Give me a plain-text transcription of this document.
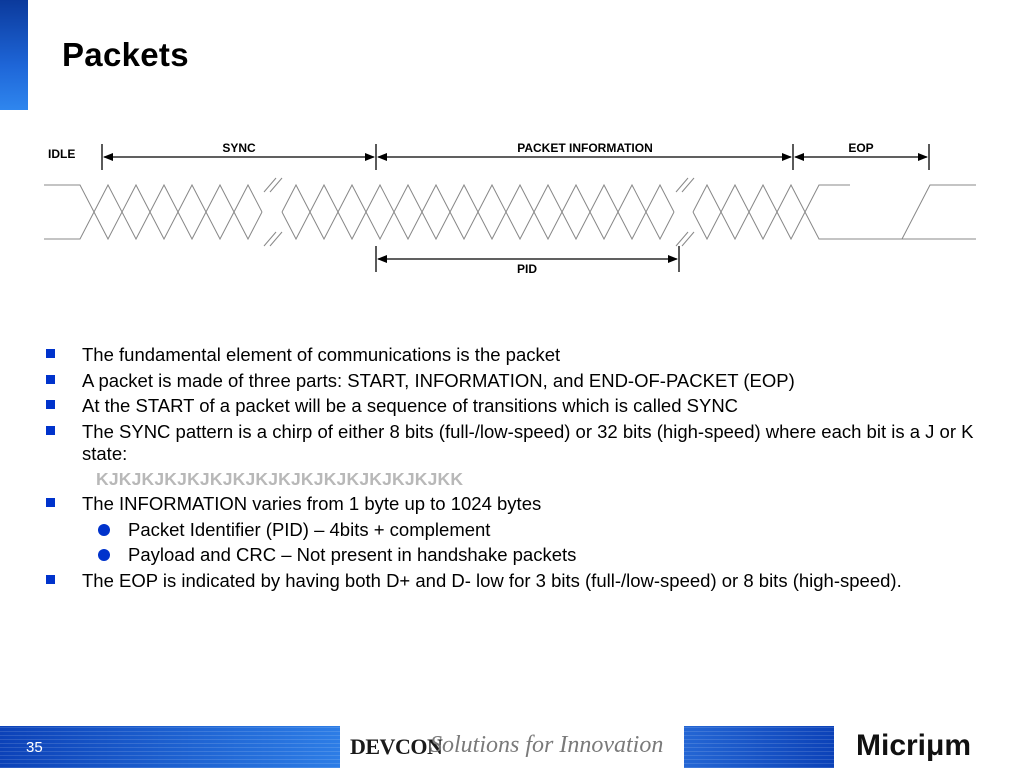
Packets
IDLE	SYNC	PACKET INFORMATION	EOP
PID
The fundamental element of communications is the packet
A packet is made of three parts: START, INFORMATION, and END-OF-PACKET (EOP)
At the START of a packet will be a sequence of transitions which is called SYNC
The SYNC pattern is a chirp of either 8 bits (full-/low-speed) or 32 bits (high-speed) where each bit is a J or K state:
KJKJKJKJKJKJKJKJKJKJKJKJKJKJKJKK
The INFORMATION varies from 1 byte up to 1024 bytes
Packet Identifier (PID) – 4bits + complement
Payload and CRC – Not present in handshake packets
The EOP is indicated by having both D+ and D- low for 3 bits (full-/low-speed) or 8 bits (high-speed).
35	DEVCON
Solutions for Innovation	Micriμm
